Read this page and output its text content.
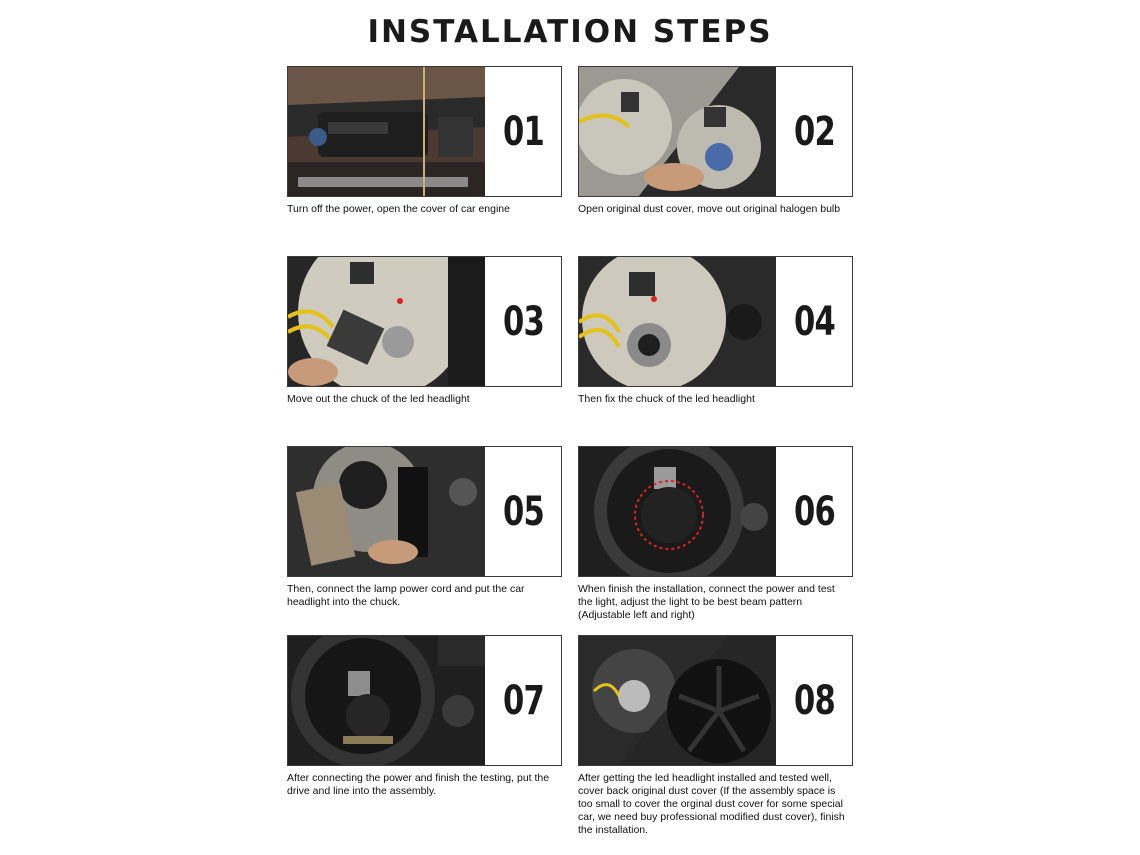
INSTALLATION STEPS
01
Turn off the power, open the cover of car engine
02
Open original dust cover, move out original halogen bulb
03
Move out the chuck of the led headlight
04
Then fix the chuck of the led headlight
05
Then, connect the lamp power cord and put the car headlight into the chuck.
06
When finish the installation, connect the power and test the light, adjust the light to be best beam pattern (Adjustable left and right)
07
After connecting the power and finish the testing, put the drive and line into the assembly.
08
After getting the led headlight installed and tested well, cover back original dust cover (If the assembly space is too small to cover the orginal dust cover for some special car, we need buy professional modified dust cover), finish the installation.
